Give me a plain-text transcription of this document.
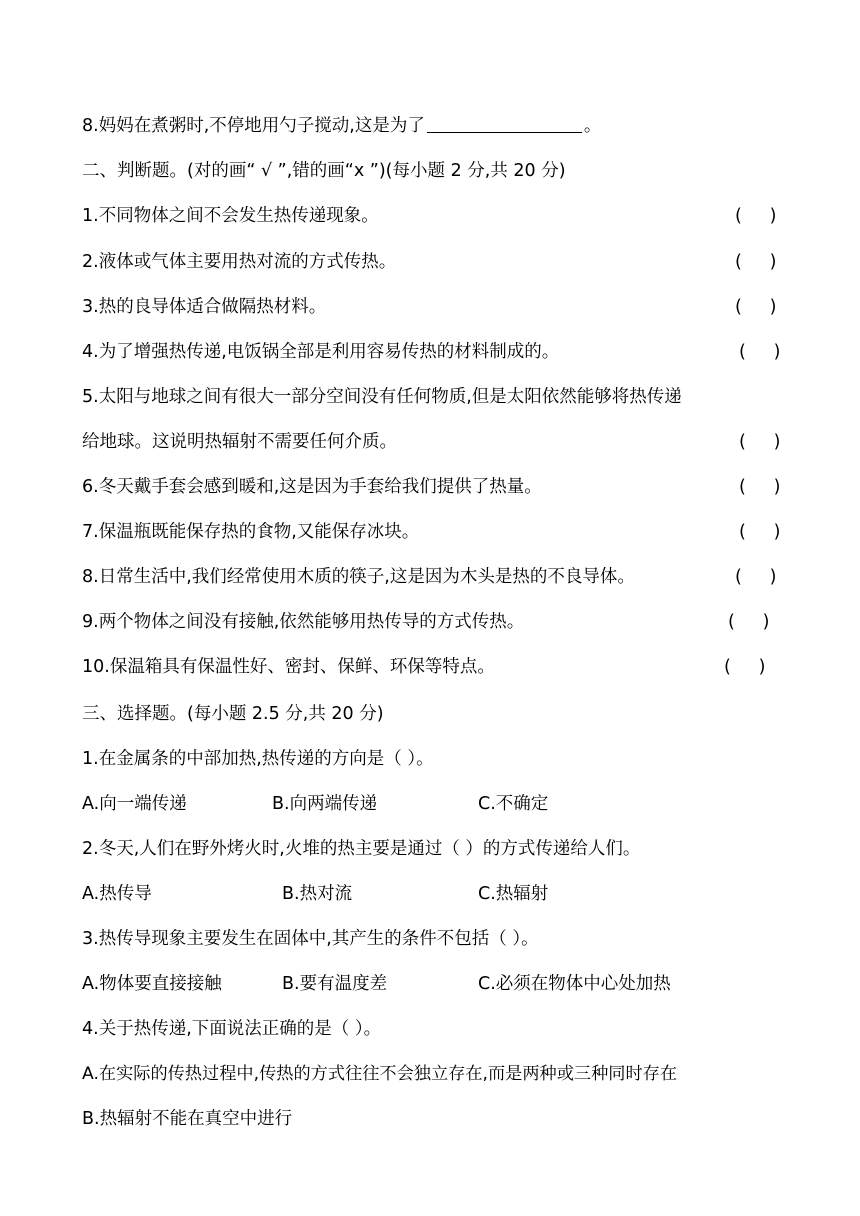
8.妈妈在煮粥时,不停地用勺子搅动,这是为了	。
二、判断题。(对的画“ √ ”,错的画“x ”)(每小题 2 分,共 20 分)
1.不同物体之间不会发生热传递现象。	(     )
2.液体或气体主要用热对流的方式传热。	(     )
3.热的良导体适合做隔热材料。	(     )
4.为了增强热传递,电饭锅全部是利用容易传热的材料制成的。	(     )
5.太阳与地球之间有很大一部分空间没有任何物质,但是太阳依然能够将热传递
给地球。这说明热辐射不需要任何介质。	(     )
6.冬天戴手套会感到暖和,这是因为手套给我们提供了热量。	(     )
7.保温瓶既能保存热的食物,又能保存冰块。	(     )
8.日常生活中,我们经常使用木质的筷子,这是因为木头是热的不良导体。	(     )
9.两个物体之间没有接触,依然能够用热传导的方式传热。	(     )
10.保温箱具有保温性好、密封、保鲜、环保等特点。	(     )
三、选择题。(每小题 2.5 分,共 20 分)
1.在金属条的中部加热,热传递的方向是（ ）。
A.向一端传递	B.向两端传递	C.不确定
2.冬天,人们在野外烤火时,火堆的热主要是通过（ ）的方式传递给人们。
A.热传导	B.热对流	C.热辐射
3.热传导现象主要发生在固体中,其产生的条件不包括（ ）。
A.物体要直接接触	B.要有温度差	C.必须在物体中心处加热
4.关于热传递,下面说法正确的是（ ）。
A.在实际的传热过程中,传热的方式往往不会独立存在,而是两种或三种同时存在
B.热辐射不能在真空中进行
